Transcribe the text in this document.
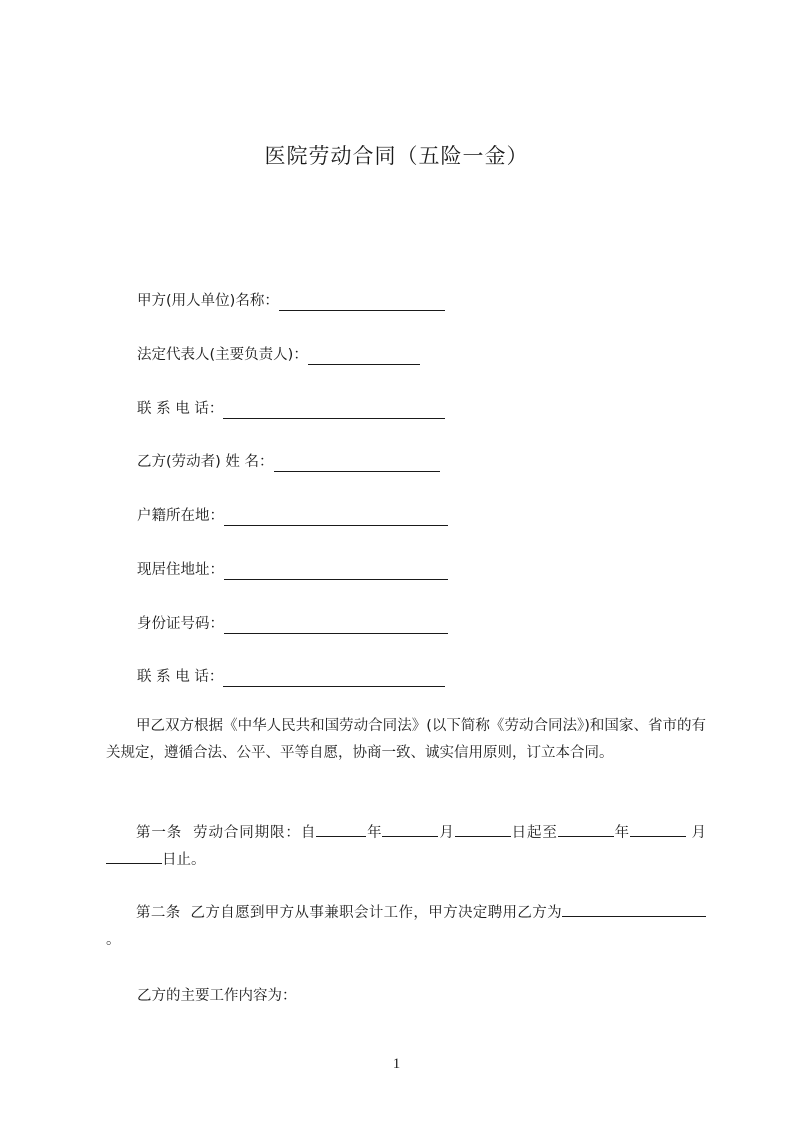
医院劳动合同（五险一金）
甲方(用人单位)名称：
法定代表人(主要负责人)：
联 系 电 话：
乙方(劳动者) 姓 名：
户籍所在地：
现居住地址：
身份证号码：
联 系 电 话：
甲乙双方根据《中华人民共和国劳动合同法》(以下简称《劳动合同法》)和国家、省市的有关规定，遵循合法、公平、平等自愿，协商一致、诚实信用原则，订立本合同。
第一条 劳动合同期限：自	年	月	日起至	年	月日止。
第二条 乙方自愿到甲方从事兼职会计工作，甲方决定聘用乙方为。
乙方的主要工作内容为：
1
